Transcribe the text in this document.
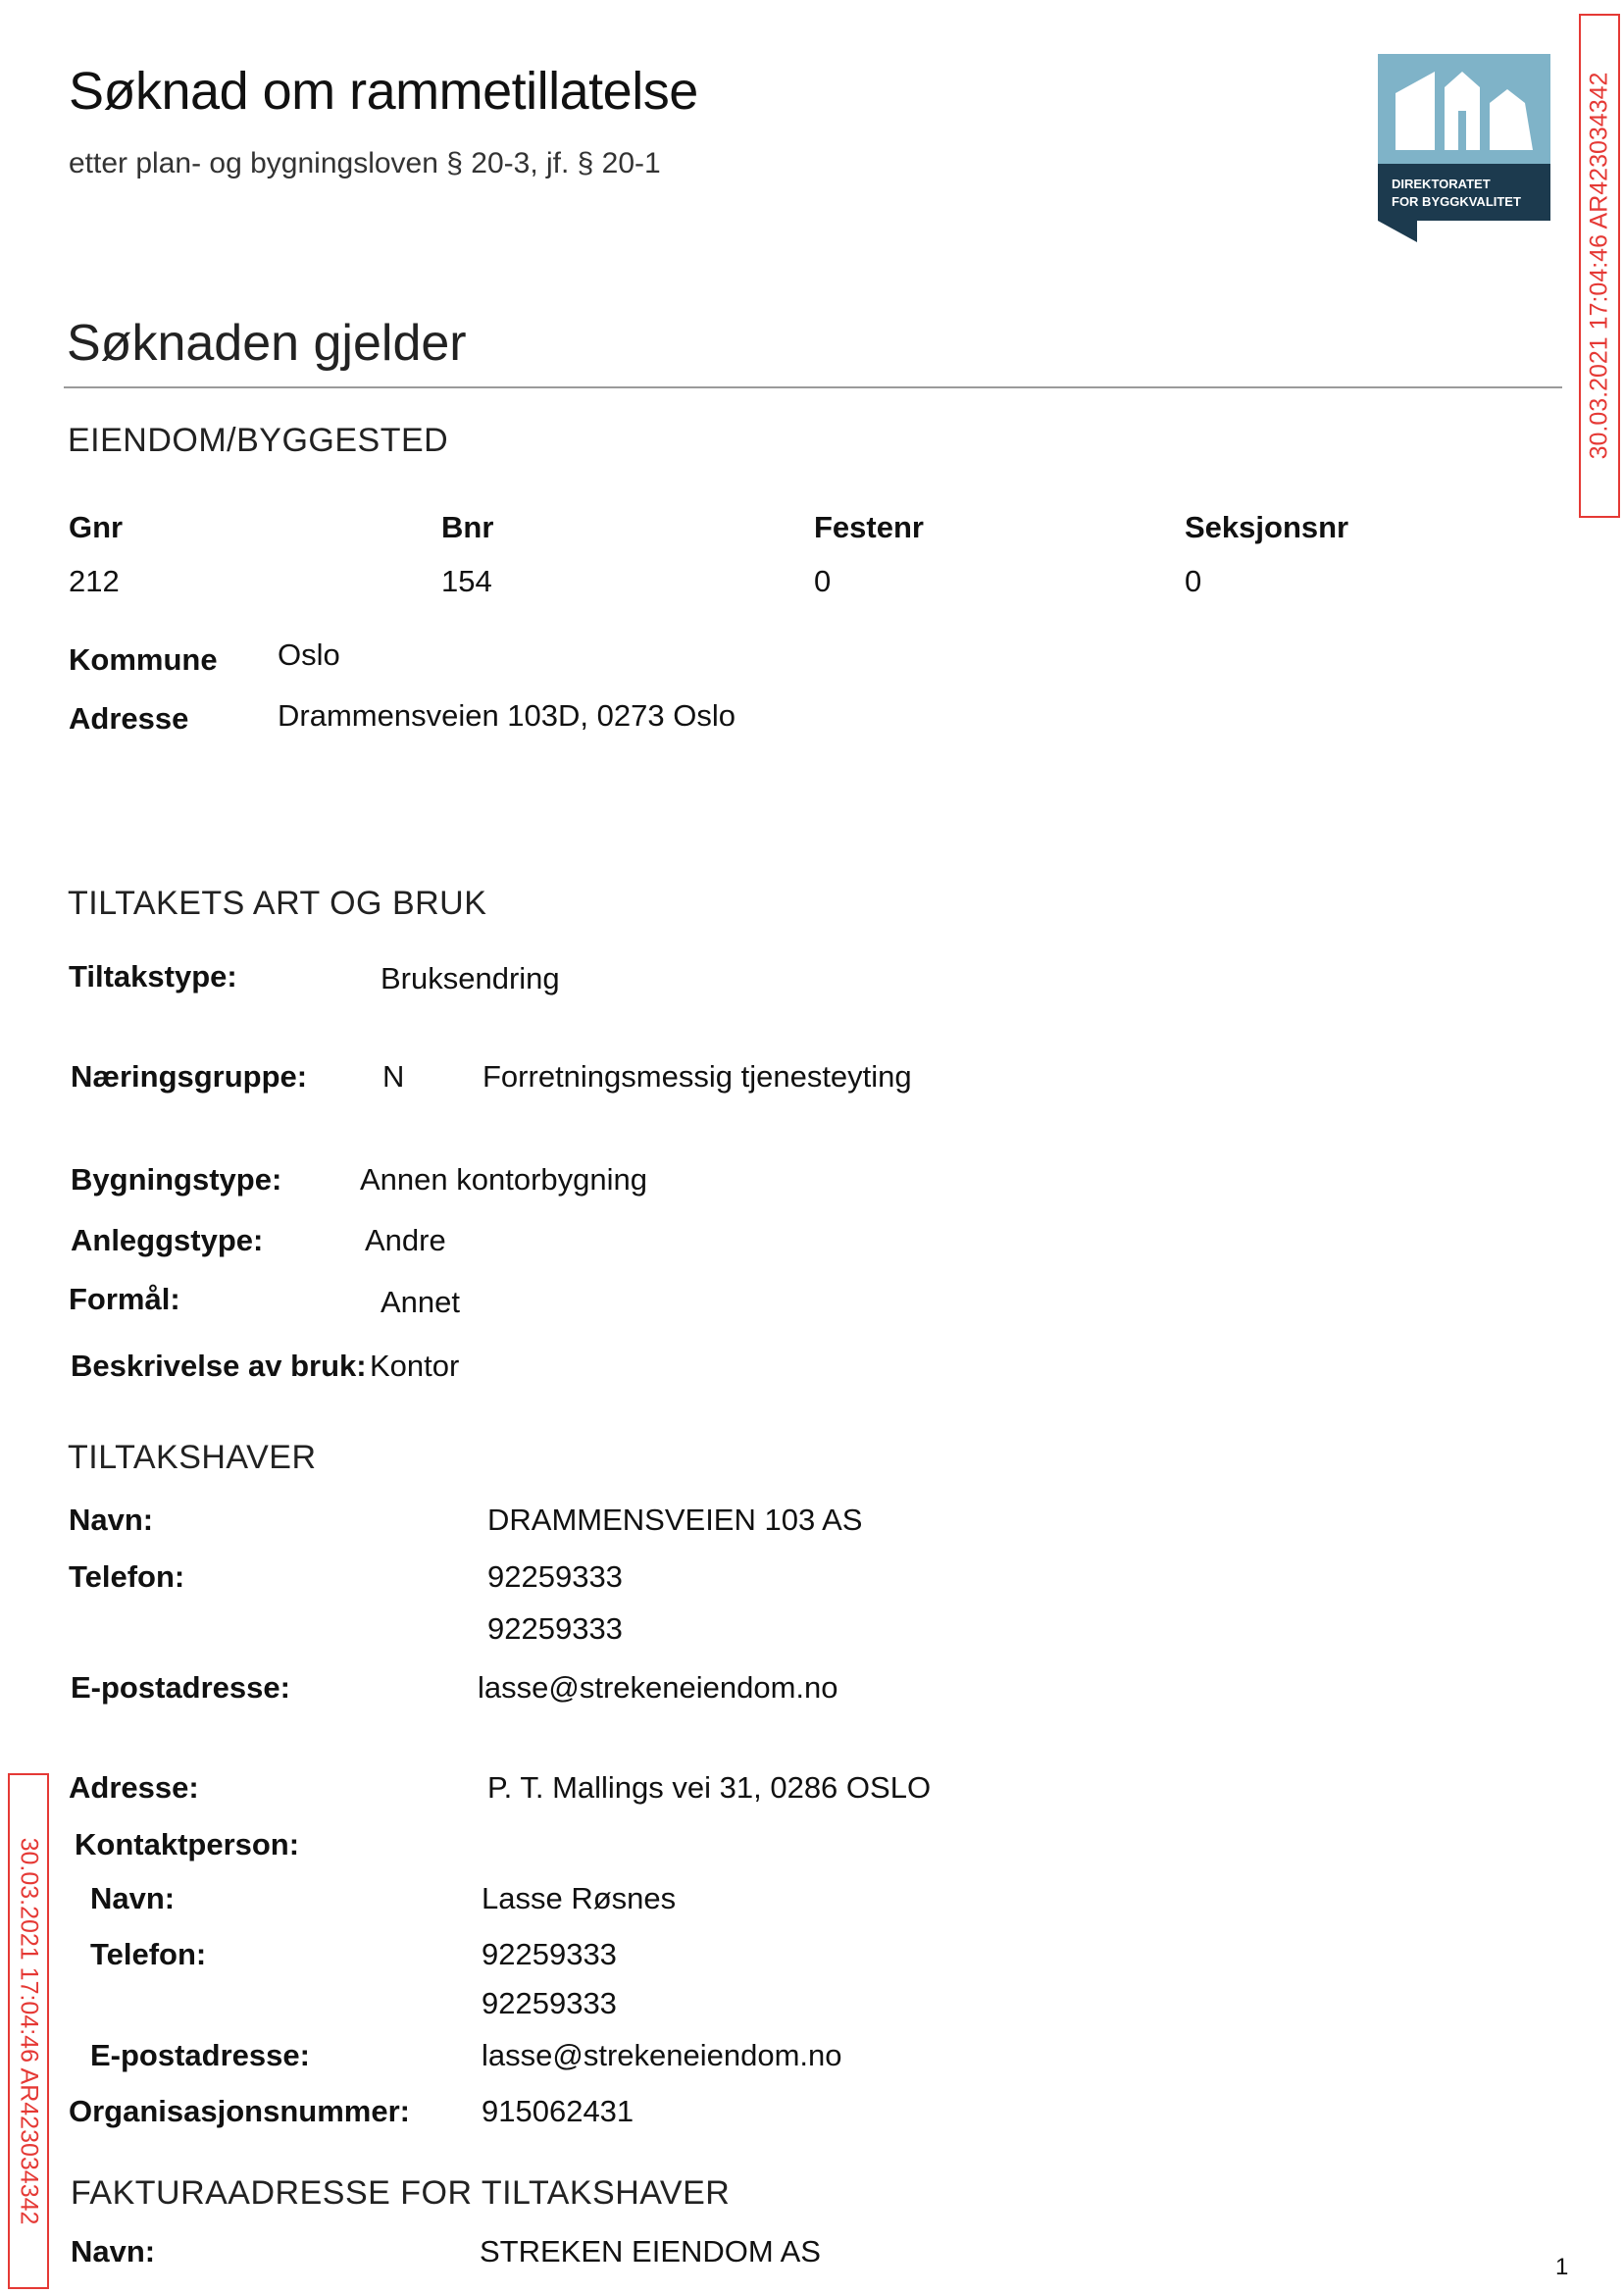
Søknad om rammetillatelse
etter plan- og bygningsloven § 20-3, jf. § 20-1
DIREKTORATET
FOR BYGGKVALITET	30.03.2021 17:04:46 AR423034342
30.03.2021 17:04:46 AR423034342
Søknaden gjelder
EIENDOM/BYGGESTED
Gnr	Bnr	Festenr	Seksjonsnr
212	154	0	0
Kommune Oslo
Adresse	Drammensveien 103D, 0273 Oslo
TILTAKETS ART OG BRUK
Tiltakstype:	Bruksendring
Næringsgruppe: N	Forretningsmessig tjenesteyting
Bygningstype:	Annen kontorbygning
Anleggstype:	Andre
Formål:	Annet
Beskrivelse av bruk: Kontor
TILTAKSHAVER
Navn:	DRAMMENSVEIEN 103 AS
Telefon:	92259333
92259333
E-postadresse:	lasse@strekeneiendom.no
Adresse:	P. T. Mallings vei 31, 0286 OSLO
Kontaktperson:
Navn:	Lasse Røsnes
Telefon:	92259333
92259333
E-postadresse:	lasse@strekeneiendom.no
Organisasjonsnummer: 915062431
FAKTURAADRESSE FOR TILTAKSHAVER
Navn:	STREKEN EIENDOM AS	1
